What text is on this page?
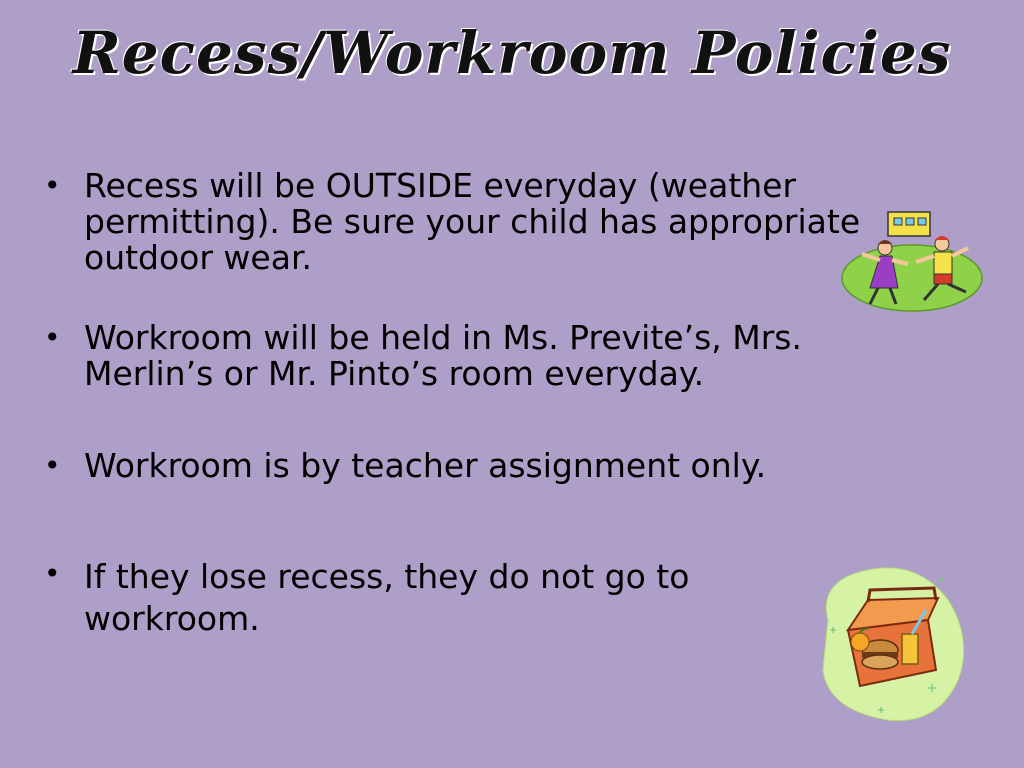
Recess/Workroom Policies
• Recess will be OUTSIDE everyday (weather permitting). Be sure your child has appropriate outdoor wear.
• Workroom will be held in Ms. Previte’s, Mrs. Merlin’s or Mr. Pinto’s room everyday.
• Workroom is by teacher assignment only.
• If they lose recess, they do not go to workroom.
